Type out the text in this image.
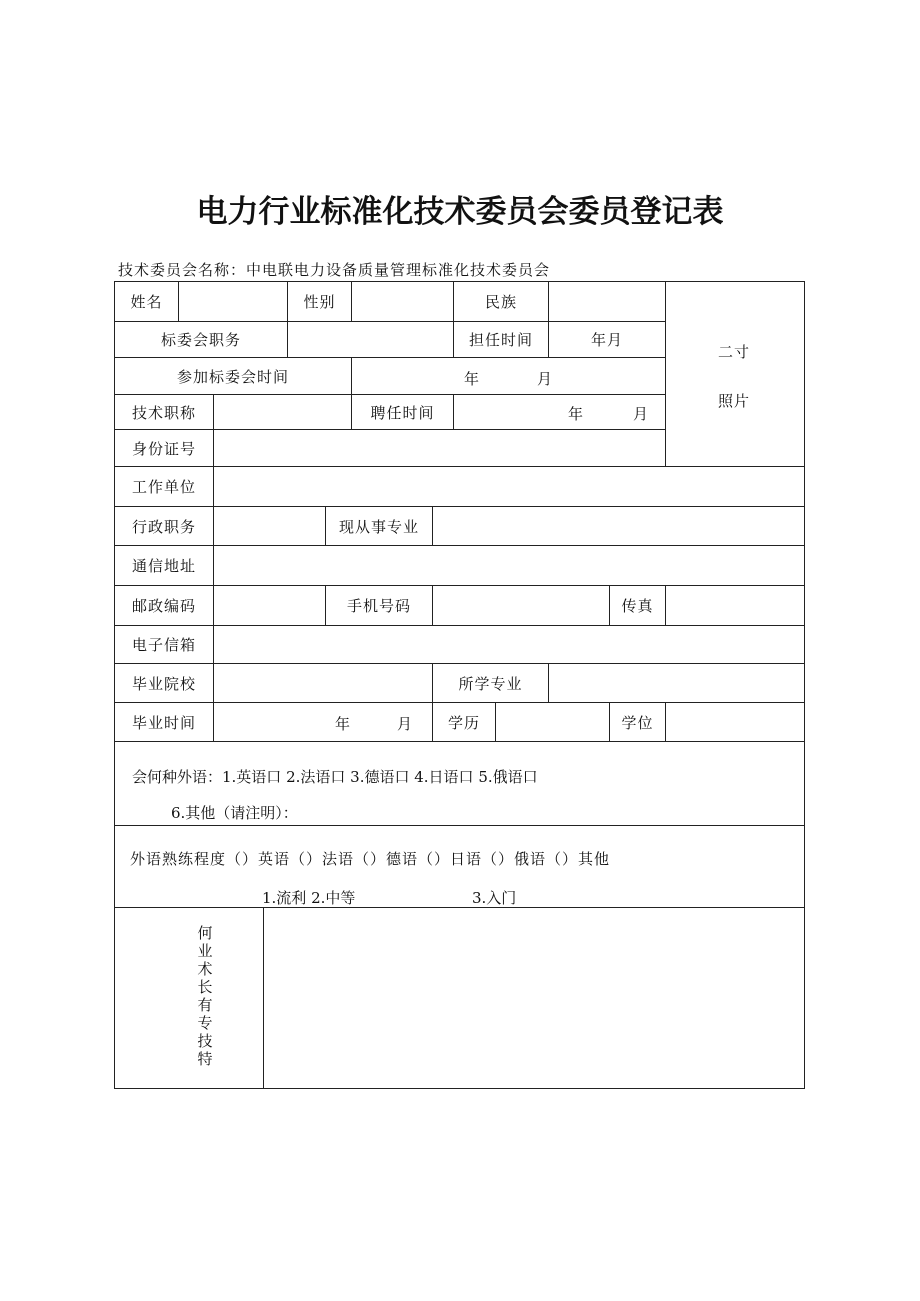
电力行业标准化技术委员会委员登记表
技术委员会名称：中电联电力设备质量管理标准化技术委员会
姓名	性别	民族
二寸
照片
标委会职务	担任时间	年月
参加标委会时间	年	月
技术职称	聘任时间	年	月
身份证号
工作单位
行政职务	现从事专业
通信地址
邮政编码	手机号码	传真
电子信箱
毕业院校	所学专业
毕业时间	年	月	学历	学位
会何种外语：1.英语口 2.法语口 3.德语口 4.日语口 5.俄语口
6.其他（请注明）：
外语熟练程度（）英语（）法语（）德语（）日语（）俄语（）其他
1.流利 2.中等	3.入门
何业术长有专技特
